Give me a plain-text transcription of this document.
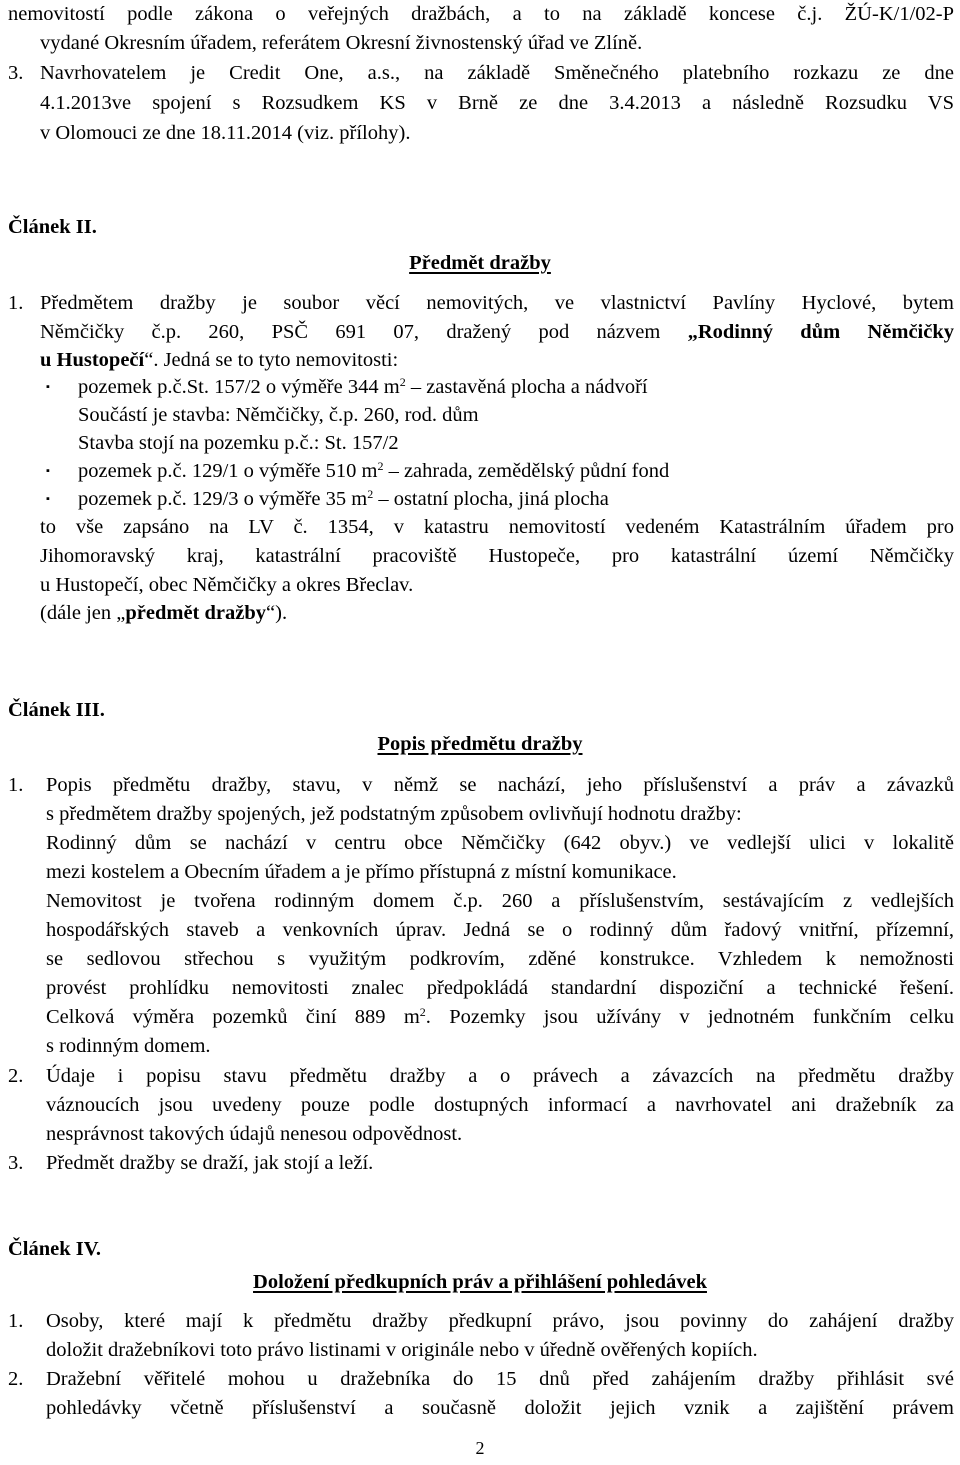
nemovitostí podle zákona o veřejných dražbách, a to na základě koncese č.j. ŽÚ-K/1/02-P
vydané Okresním úřadem, referátem Okresní živnostenský úřad ve Zlíně.
3. Navrhovatelem je Credit One, a.s., na základě Směnečného platebního rozkazu ze dne
4.1.2013ve spojení s Rozsudkem KS v Brně ze dne 3.4.2013 a následně Rozsudku VS
v Olomouci ze dne 18.11.2014 (viz. přílohy).
Článek II.
Předmět dražby
1. Předmětem dražby je soubor věcí nemovitých, ve vlastnictví Pavlíny Hyclové, bytem
Němčičky č.p. 260, PSČ 691 07, dražený pod názvem „Rodinný dům Němčičky
u Hustopečí“. Jedná se to tyto nemovitosti:
▪ pozemek p.č.St. 157/2 o výměře 344 $m^2$ – zastavěná plocha a nádvoří
Součástí je stavba: Němčičky, č.p. 260, rod. dům
Stavba stojí na pozemku p.č.: St. 157/2
▪ pozemek p.č. 129/1 o výměře 510 $m^2$ – zahrada, zemědělský půdní fond
▪ pozemek p.č. 129/3 o výměře 35 $m^2$ – ostatní plocha, jiná plocha
to vše zapsáno na LV č. 1354, v katastru nemovitostí vedeném Katastrálním úřadem pro
Jihomoravský kraj, katastrální pracoviště Hustopeče, pro katastrální území Němčičky
u Hustopečí, obec Němčičky a okres Břeclav.
(dále jen „předmět dražby“).
Článek III.
Popis předmětu dražby
1. Popis předmětu dražby, stavu, v němž se nachází, jeho příslušenství a práv a závazků
s předmětem dražby spojených, jež podstatným způsobem ovlivňují hodnotu dražby:
Rodinný dům se nachází v centru obce Němčičky (642 obyv.) ve vedlejší ulici v lokalitě
mezi kostelem a Obecním úřadem a je přímo přístupná z místní komunikace.
Nemovitost je tvořena rodinným domem č.p. 260 a příslušenstvím, sestávajícím z vedlejších
hospodářských staveb a venkovních úprav. Jedná se o rodinný dům řadový vnitřní, přízemní,
se sedlovou střechou s využitým podkrovím, zděné konstrukce. Vzhledem k nemožnosti
provést prohlídku nemovitosti znalec předpokládá standardní dispoziční a technické řešení.
Celková výměra pozemků činí 889 $m^2$. Pozemky jsou užívány v jednotném funkčním celku
s rodinným domem.
2. Údaje i popisu stavu předmětu dražby a o právech a závazcích na předmětu dražby
váznoucích jsou uvedeny pouze podle dostupných informací a navrhovatel ani dražebník za
nesprávnost takových údajů nenesou odpovědnost.
3. Předmět dražby se draží, jak stojí a leží.
Článek IV.
Doložení předkupních práv a přihlášení pohledávek
1. Osoby, které mají k předmětu dražby předkupní právo, jsou povinny do zahájení dražby
doložit dražebníkovi toto právo listinami v originále nebo v úředně ověřených kopiích.
2. Dražební věřitelé mohou u dražebníka do 15 dnů před zahájením dražby přihlásit své
pohledávky včetně příslušenství a současně doložit jejich vznik a zajištění právem
2
